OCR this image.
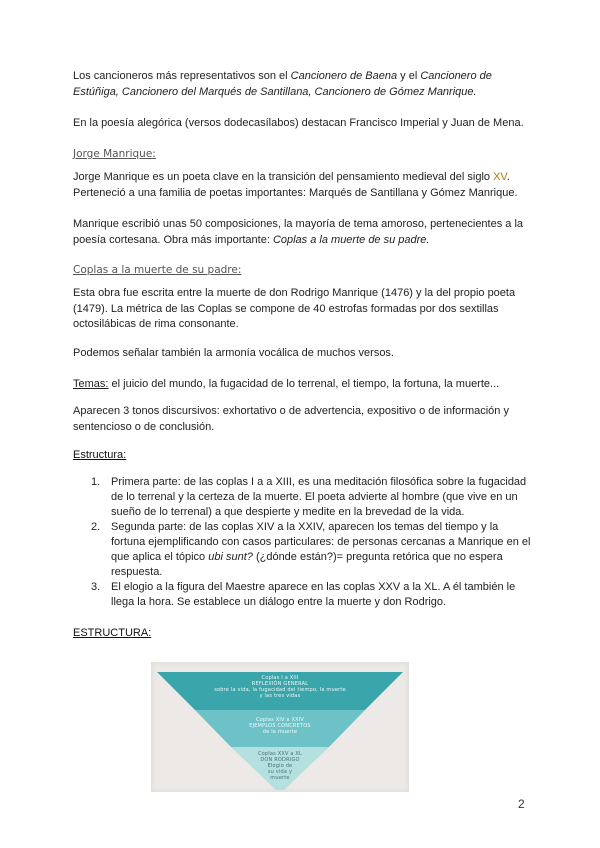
Los cancioneros más representativos son el Cancionero de Baena y el Cancionero de Estúñiga, Cancionero del Marqués de Santillana, Cancionero de Gómez Manrique.

En la poesía alegórica (versos dodecasílabos) destacan Francisco Imperial y Juan de Mena.

Jorge Manrique:

Jorge Manrique es un poeta clave en la transición del pensamiento medieval del siglo XV. Perteneció a una familia de poetas importantes: Marqués de Santillana y Gómez Manrique.

Manrique escribió unas 50 composiciones, la mayoría de tema amoroso, pertenecientes a la poesía cortesana. Obra más importante: Coplas a la muerte de su padre.

Coplas a la muerte de su padre:

Esta obra fue escrita entre la muerte de don Rodrigo Manrique (1476) y la del propio poeta (1479). La métrica de las Coplas se compone de 40 estrofas formadas por dos sextillas octosilábicas de rima consonante.

Podemos señalar también la armonía vocálica de muchos versos.

Temas: el juicio del mundo, la fugacidad de lo terrenal, el tiempo, la fortuna, la muerte...

Aparecen 3 tonos discursivos: exhortativo o de advertencia, expositivo o de información y sentencioso o de conclusión.

Estructura:
1. Primera parte: de las coplas I a a XIII, es una meditación filosófica sobre la fugacidad de lo terrenal y la certeza de la muerte. El poeta advierte al hombre (que vive en un sueño de lo terrenal) a que despierte y medite en la brevedad de la vida.
2. Segunda parte: de las coplas XIV a la XXIV, aparecen los temas del tiempo y la fortuna ejemplificando con casos particulares: de personas cercanas a Manrique en el que aplica el tópico ubi sunt? (¿dónde están?)= pregunta retórica que no espera respuesta.
3. El elogio a la figura del Maestre aparece en las coplas XXV a la XL. A él también le llega la hora. Se establece un diálogo entre la muerte y don Rodrigo.
ESTRUCTURA:
Coplas I a XIII
REFLEXIÓN GENERAL
sobre la vida, la fugacidad del tiempo, la muerte
y las tres vidas
Coplas XIV a XXIV
EJEMPLOS CONCRETOS
de la muerte
Coplas XXV a XL
DON RODRIGO
Elogio de
su vida y
muerte
2
